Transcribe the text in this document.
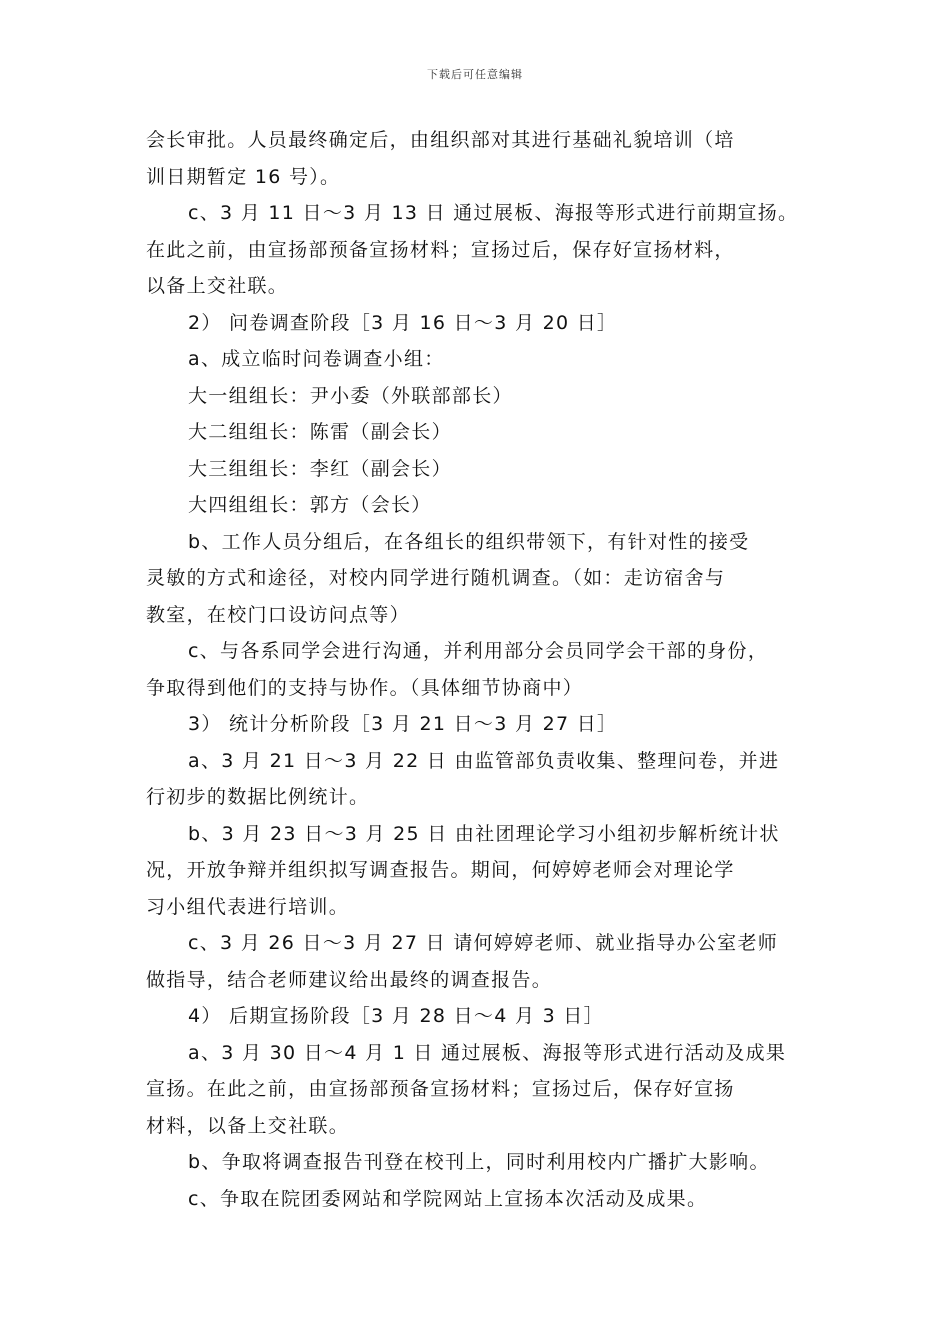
下载后可任意编辑
会长审批。人员最终确定后，由组织部对其进行基础礼貌培训（培
训日期暂定 16 号）。
c、3 月 11 日～3 月 13 日 通过展板、海报等形式进行前期宣扬。
在此之前，由宣扬部预备宣扬材料；宣扬过后，保存好宣扬材料，
以备上交社联。
2） 问卷调查阶段［3 月 16 日～3 月 20 日］
a、成立临时问卷调查小组：
大一组组长：尹小委（外联部部长）
大二组组长：陈雷（副会长）
大三组组长：李红（副会长）
大四组组长：郭方（会长）
b、工作人员分组后，在各组长的组织带领下，有针对性的接受
灵敏的方式和途径，对校内同学进行随机调查。（如：走访宿舍与
教室，在校门口设访问点等）
c、与各系同学会进行沟通，并利用部分会员同学会干部的身份，
争取得到他们的支持与协作。（具体细节协商中）
3） 统计分析阶段［3 月 21 日～3 月 27 日］
a、3 月 21 日～3 月 22 日 由监管部负责收集、整理问卷，并进
行初步的数据比例统计。
b、3 月 23 日～3 月 25 日 由社团理论学习小组初步解析统计状
况，开放争辩并组织拟写调查报告。期间，何婷婷老师会对理论学
习小组代表进行培训。
c、3 月 26 日～3 月 27 日 请何婷婷老师、就业指导办公室老师
做指导，结合老师建议给出最终的调查报告。
4） 后期宣扬阶段［3 月 28 日～4 月 3 日］
a、3 月 30 日～4 月 1 日 通过展板、海报等形式进行活动及成果
宣扬。在此之前，由宣扬部预备宣扬材料；宣扬过后，保存好宣扬
材料，以备上交社联。
b、争取将调查报告刊登在校刊上，同时利用校内广播扩大影响。
c、争取在院团委网站和学院网站上宣扬本次活动及成果。
